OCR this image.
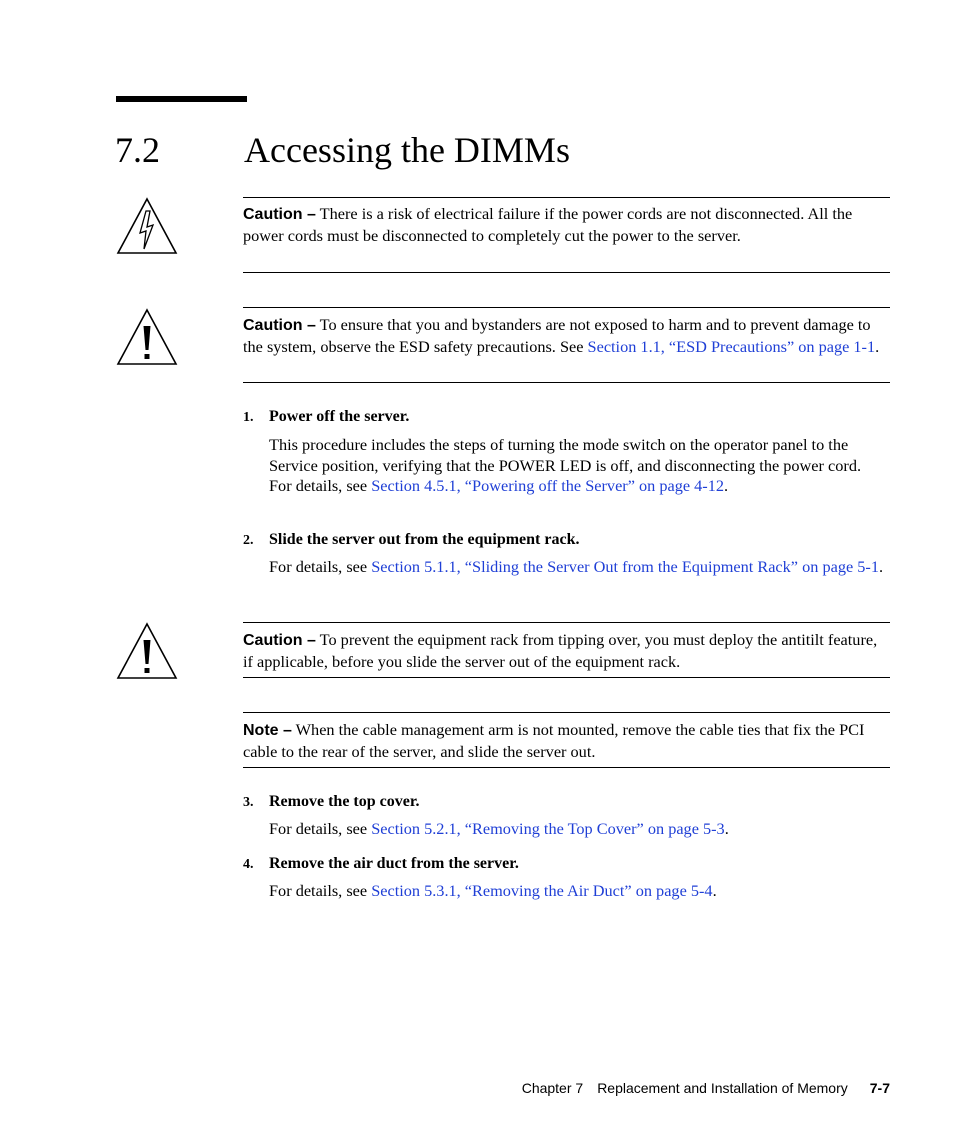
7.2 Accessing the DIMMs

Caution – There is a risk of electrical failure if the power cords are not disconnected. All the power cords must be disconnected to completely cut the power to the server.

Caution – To ensure that you and bystanders are not exposed to harm and to prevent damage to the system, observe the ESD safety precautions. See Section 1.1, “ESD Precautions” on page 1-1.

1. Power off the server.

This procedure includes the steps of turning the mode switch on the operator panel to the Service position, verifying that the POWER LED is off, and disconnecting the power cord. For details, see Section 4.5.1, “Powering off the Server” on page 4-12.

2. Slide the server out from the equipment rack.

For details, see Section 5.1.1, “Sliding the Server Out from the Equipment Rack” on page 5-1.

Caution – To prevent the equipment rack from tipping over, you must deploy the antitilt feature, if applicable, before you slide the server out of the equipment rack.

Note – When the cable management arm is not mounted, remove the cable ties that fix the PCI cable to the rear of the server, and slide the server out.

3. Remove the top cover.

For details, see Section 5.2.1, “Removing the Top Cover” on page 5-3.

4. Remove the air duct from the server.

For details, see Section 5.3.1, “Removing the Air Duct” on page 5-4.

Chapter 7 Replacement and Installation of Memory 7-7
